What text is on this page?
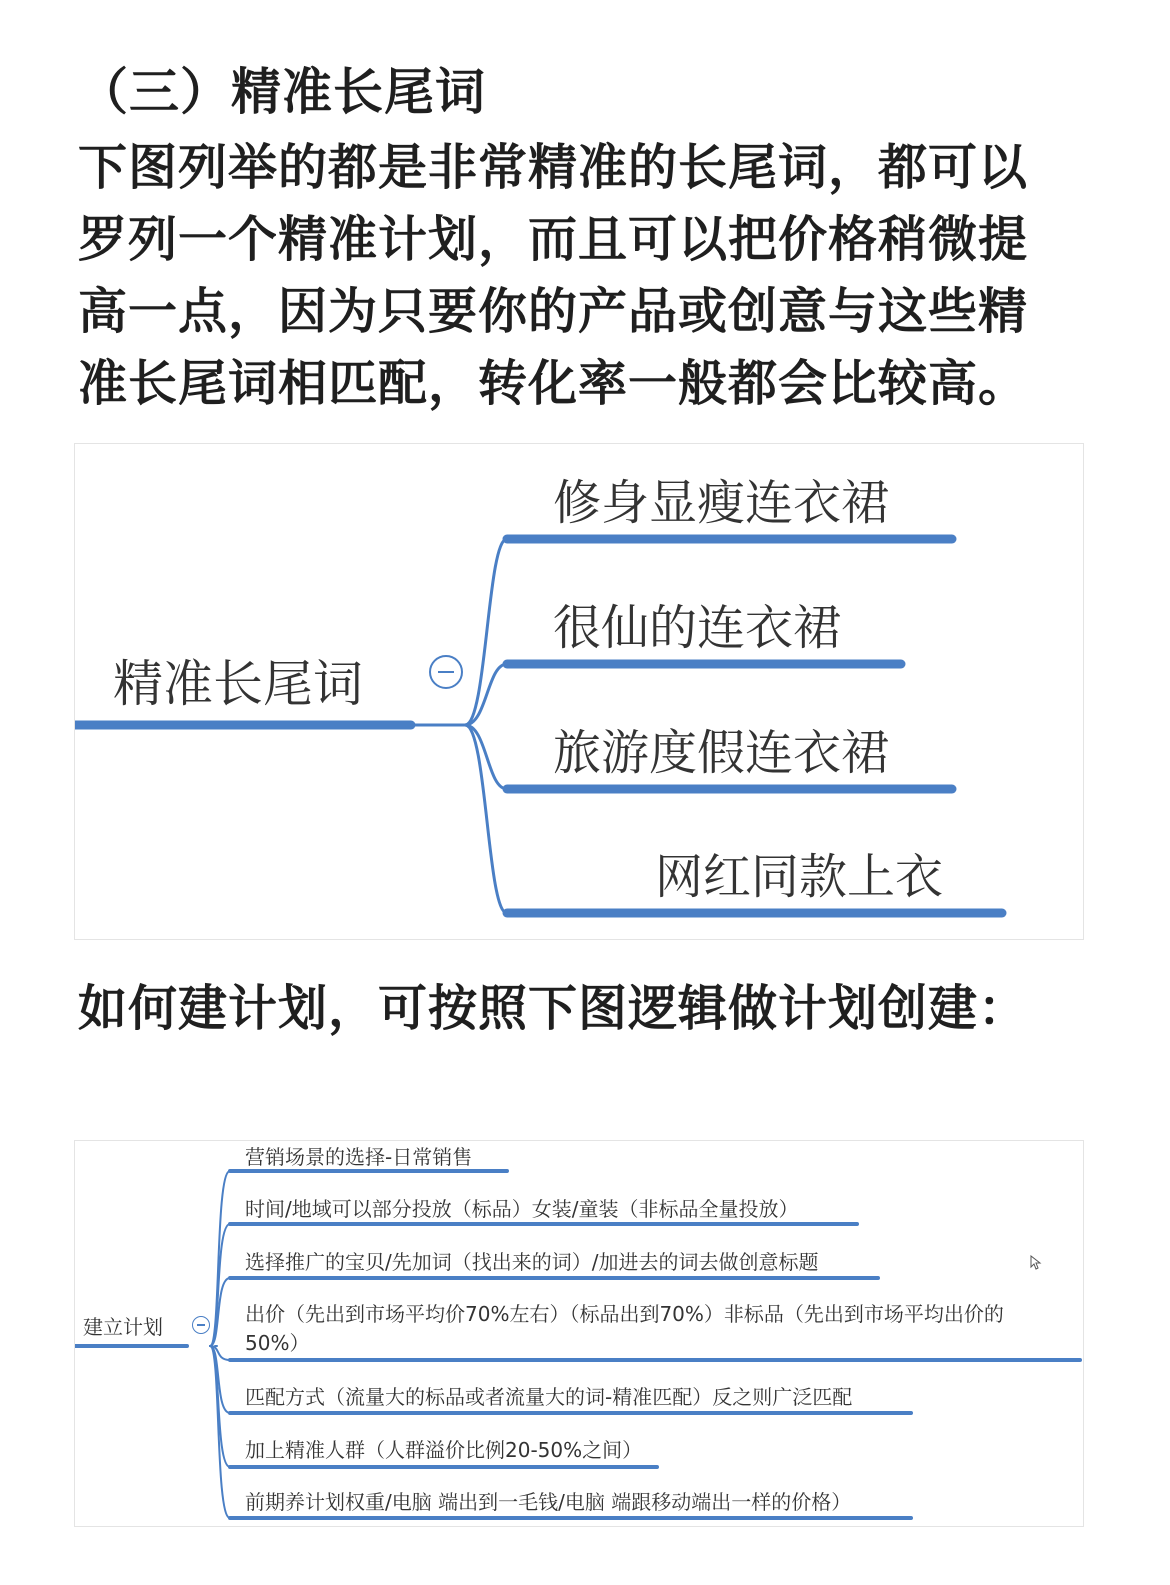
（三）精准长尾词
下图列举的都是非常精准的长尾词，都可以
罗列一个精准计划，而且可以把价格稍微提
高一点，因为只要你的产品或创意与这些精
准长尾词相匹配，转化率一般都会比较高。
精准长尾词
修身显瘦连衣裙
很仙的连衣裙
旅游度假连衣裙
网红同款上衣
如何建计划，可按照下图逻辑做计划创建：
建立计划
营销场景的选择-日常销售
时间/地域可以部分投放（标品）女装/童装（非标品全量投放）
选择推广的宝贝/先加词（找出来的词）/加进去的词去做创意标题
出价（先出到市场平均价70%左右）（标品出到70%）非标品（先出到市场平均出价的
50%）
匹配方式（流量大的标品或者流量大的词-精准匹配）反之则广泛匹配
加上精准人群（人群溢价比例20-50%之间）
前期养计划权重/电脑 端出到一毛钱/电脑 端跟移动端出一样的价格）
